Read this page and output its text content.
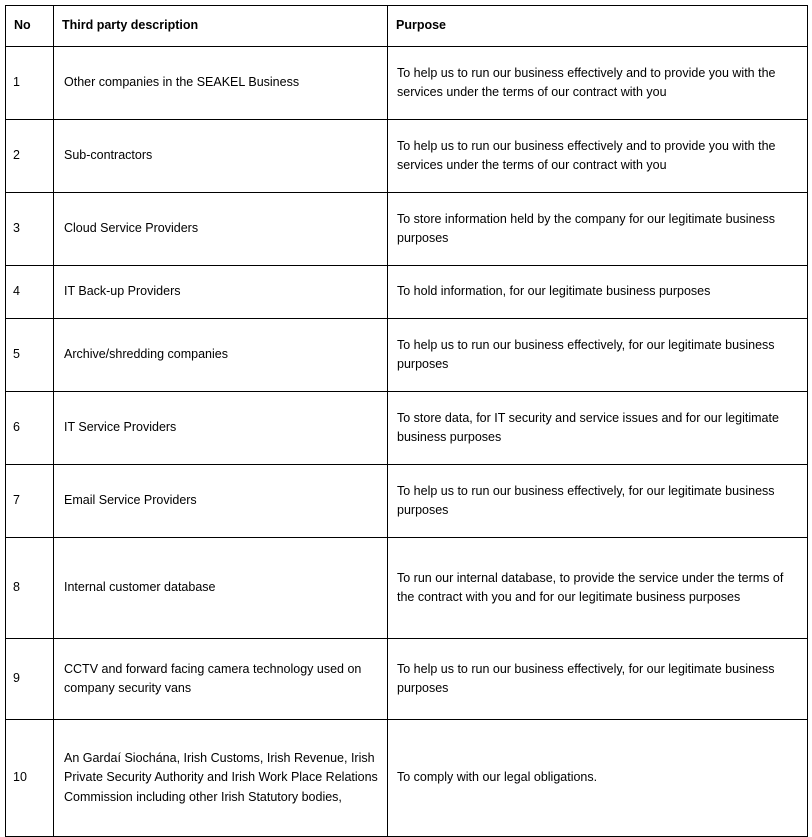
No	Third party description	Purpose
1	Other companies in the SEAKEL Business	To help us to run our business effectively and to provide you with the services under the terms of our contract with you
2	Sub-contractors	To help us to run our business effectively and to provide you with the services under the terms of our contract with you
3	Cloud Service Providers	To store information held by the company for our legitimate business purposes
4	IT Back-up Providers	To hold information, for our legitimate business purposes
5	Archive/shredding companies	To help us to run our business effectively, for our legitimate business purposes
6	IT Service Providers	To store data, for IT security and service issues and for our legitimate business purposes
7	Email Service Providers	To help us to run our business effectively, for our legitimate business purposes
8	Internal customer database	To run our internal database, to provide the service under the terms of the contract with you and for our legitimate business purposes
9	CCTV and forward facing camera technology used on company security vans	To help us to run our business effectively, for our legitimate business purposes
10	An Gardaí Siochána, Irish Customs, Irish Revenue, Irish Private Security Authority and Irish Work Place Relations Commission including other Irish Statutory bodies,	To comply with our legal obligations.
